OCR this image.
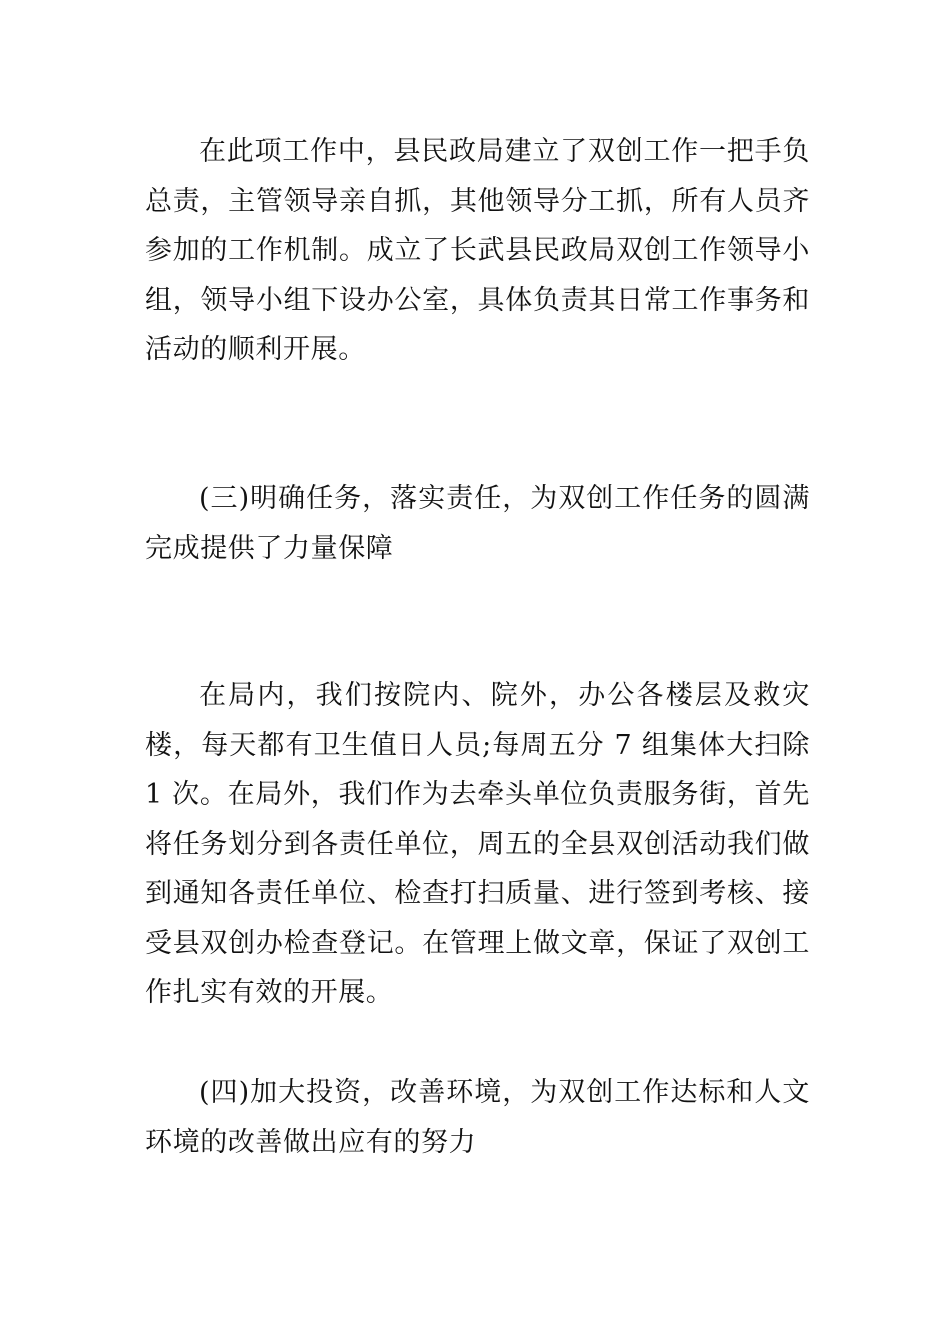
在此项工作中，县民政局建立了双创工作一把手负总责，主管领导亲自抓，其他领导分工抓，所有人员齐参加的工作机制。成立了长武县民政局双创工作领导小组，领导小组下设办公室，具体负责其日常工作事务和活动的顺利开展。

(三)明确任务，落实责任，为双创工作任务的圆满完成提供了力量保障

在局内，我们按院内、院外，办公各楼层及救灾楼，每天都有卫生值日人员;每周五分 7 组集体大扫除 1 次。在局外，我们作为去牵头单位负责服务街，首先将任务划分到各责任单位，周五的全县双创活动我们做到通知各责任单位、检查打扫质量、进行签到考核、接受县双创办检查登记。在管理上做文章，保证了双创工作扎实有效的开展。

(四)加大投资，改善环境，为双创工作达标和人文环境的改善做出应有的努力
